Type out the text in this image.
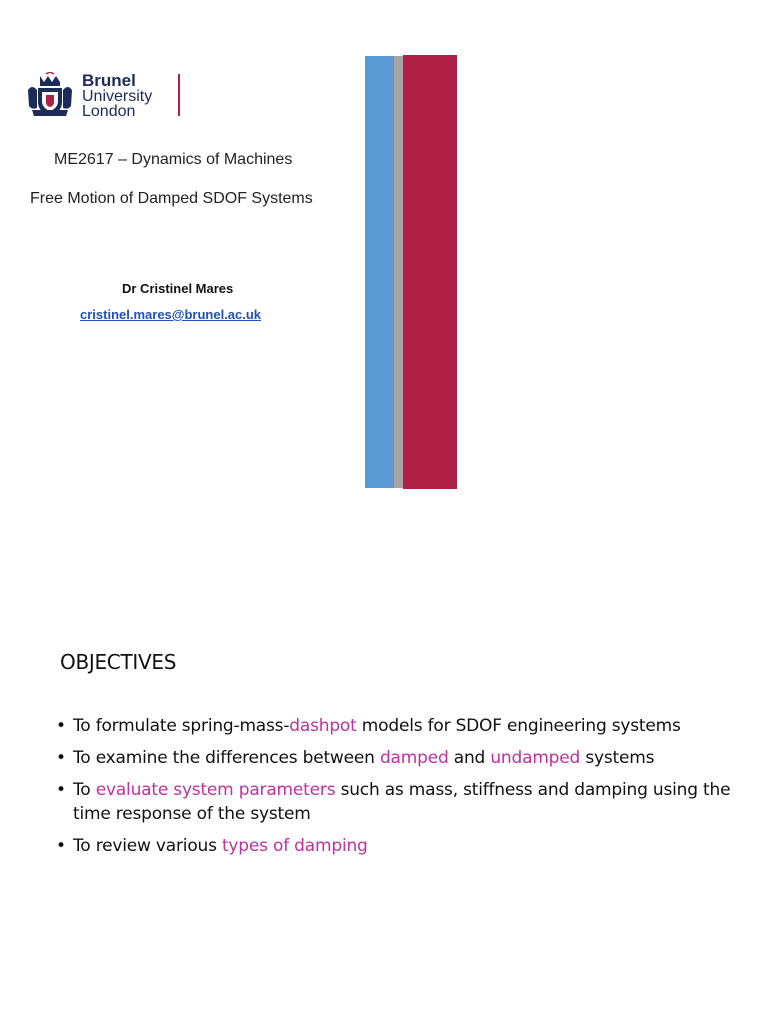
Brunel
University
London
ME2617 – Dynamics of Machines
Free Motion of Damped SDOF Systems
Dr Cristinel Mares
cristinel.mares@brunel.ac.uk
OBJECTIVES
• To formulate spring-mass-dashpot models for SDOF engineering systems
• To examine the differences between damped and undamped systems
• To evaluate system parameters such as mass, stiffness and damping using the time response of the system
• To review various types of damping
